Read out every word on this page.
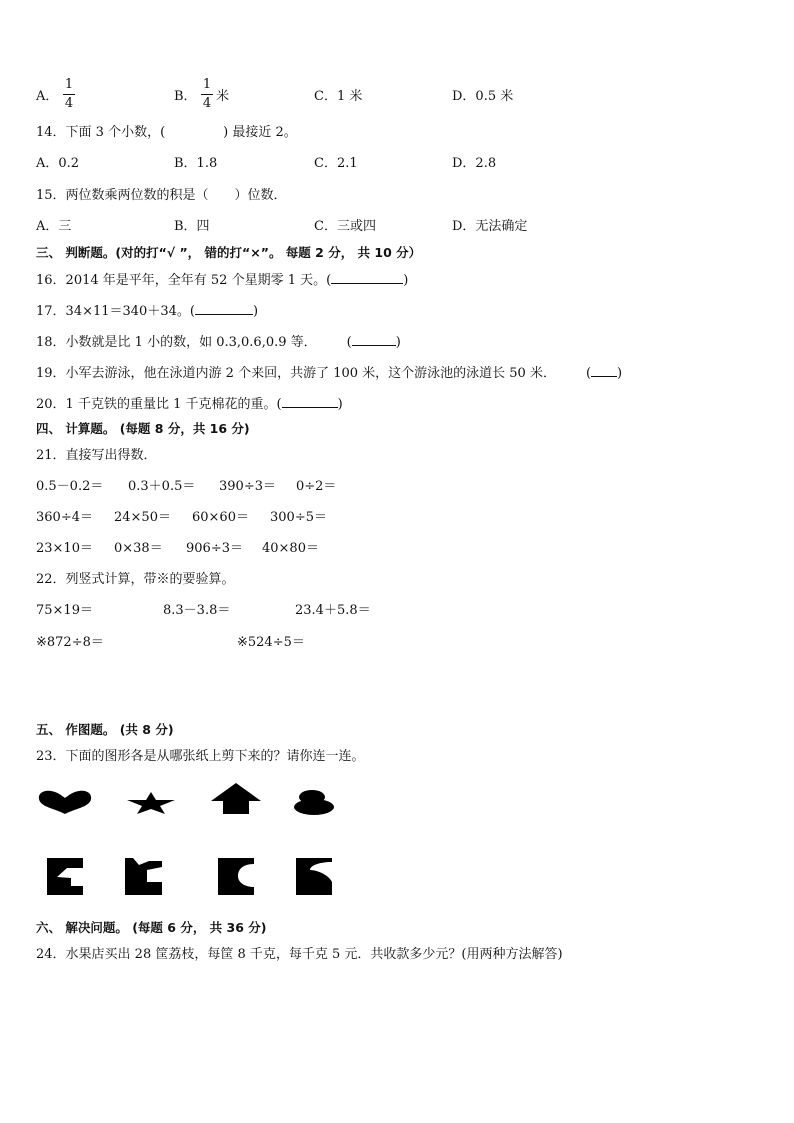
A．
1
4	B．
1
4 米	C．1 米	D．0.5 米
14．下面 3 个小数，(	) 最接近 2。
A．0.2	B．1.8	C．2.1	D．2.8
15．两位数乘两位数的积是（　　）位数．
A．三	B．四	C．三或四	D．无法确定
三、 判断题。(对的打“√ ”， 错的打“×”。 每题 2 分， 共 10 分）
16．2014 年是平年，全年有 52 个星期零 1 天。(	)
17．34×11＝340＋34。(	)
18．小数就是比 1 小的数，如 0.3,0.6,0.9 等． (	)
19．小军去游泳，他在泳道内游 2 个来回，共游了 100 米，这个游泳池的泳道长 50 米． ( )
20．1 千克铁的重量比 1 千克棉花的重。(	)
四、 计算题。 (每题 8 分，共 16 分)
21．直接写出得数．
0.5－0.2＝ 0.3＋0.5＝ 390÷3＝ 0÷2＝
360÷4＝ 24×50＝ 60×60＝ 300÷5＝
23×10＝ 0×38＝ 906÷3＝ 40×80＝
22．列竖式计算，带※的要验算。
75×19＝	8.3－3.8＝	23.4＋5.8＝
※872÷8＝	※524÷5＝
五、 作图题。 (共 8 分)
23．下面的图形各是从哪张纸上剪下来的？请你连一连。
六、 解决问题。 (每题 6 分， 共 36 分)
24．水果店买出 28 筐荔枝，每筐 8 千克，每千克 5 元．共收款多少元？(用两种方法解答)
